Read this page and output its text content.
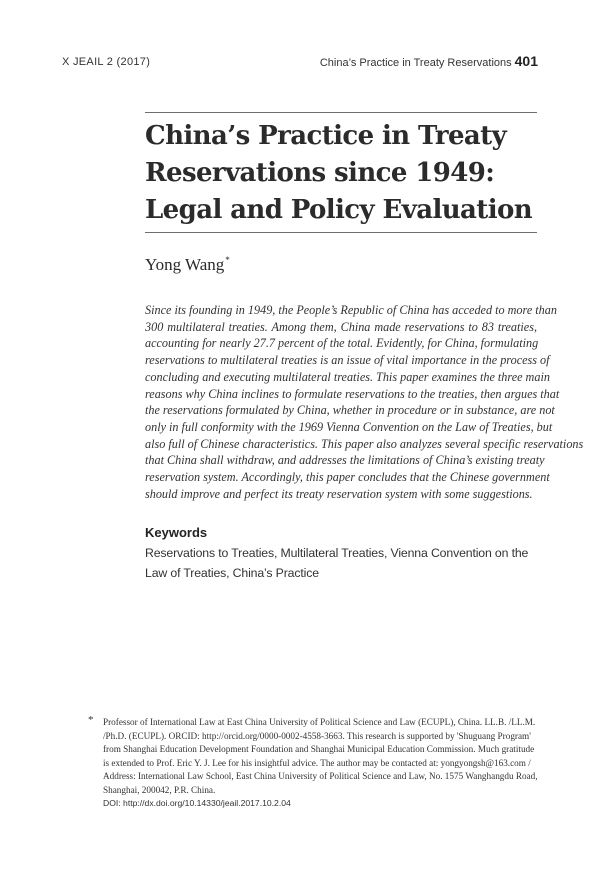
X JEAIL 2 (2017)	China’s Practice in Treaty Reservations 401
China’s Practice in Treaty
Reservations since 1949:
Legal and Policy Evaluation
Yong Wang*
Since its founding in 1949, the People’s Republic of China has acceded to more than
300 multilateral treaties. Among them, China made reservations to 83 treaties,
accounting for nearly 27.7 percent of the total. Evidently, for China, formulating
reservations to multilateral treaties is an issue of vital importance in the process of
concluding and executing multilateral treaties. This paper examines the three main
reasons why China inclines to formulate reservations to the treaties, then argues that
the reservations formulated by China, whether in procedure or in substance, are not
only in full conformity with the 1969 Vienna Convention on the Law of Treaties, but
also full of Chinese characteristics. This paper also analyzes several specific reservations
that China shall withdraw, and addresses the limitations of China’s existing treaty
reservation system. Accordingly, this paper concludes that the Chinese government
should improve and perfect its treaty reservation system with some suggestions.
Keywords
Reservations to Treaties, Multilateral Treaties, Vienna Convention on the
Law of Treaties, China’s Practice
* Professor of International Law at East China University of Political Science and Law (ECUPL), China. LL.B. /LL.M.
/Ph.D. (ECUPL). ORCID: http://orcid.org/0000-0002-4558-3663. This research is supported by 'Shuguang Program'
from Shanghai Education Development Foundation and Shanghai Municipal Education Commission. Much gratitude
is extended to Prof. Eric Y. J. Lee for his insightful advice. The author may be contacted at: yongyongsh@163.com /
Address: International Law School, East China University of Political Science and Law, No. 1575 Wanghangdu Road,
Shanghai, 200042, P.R. China.
DOI: http://dx.doi.org/10.14330/jeail.2017.10.2.04
